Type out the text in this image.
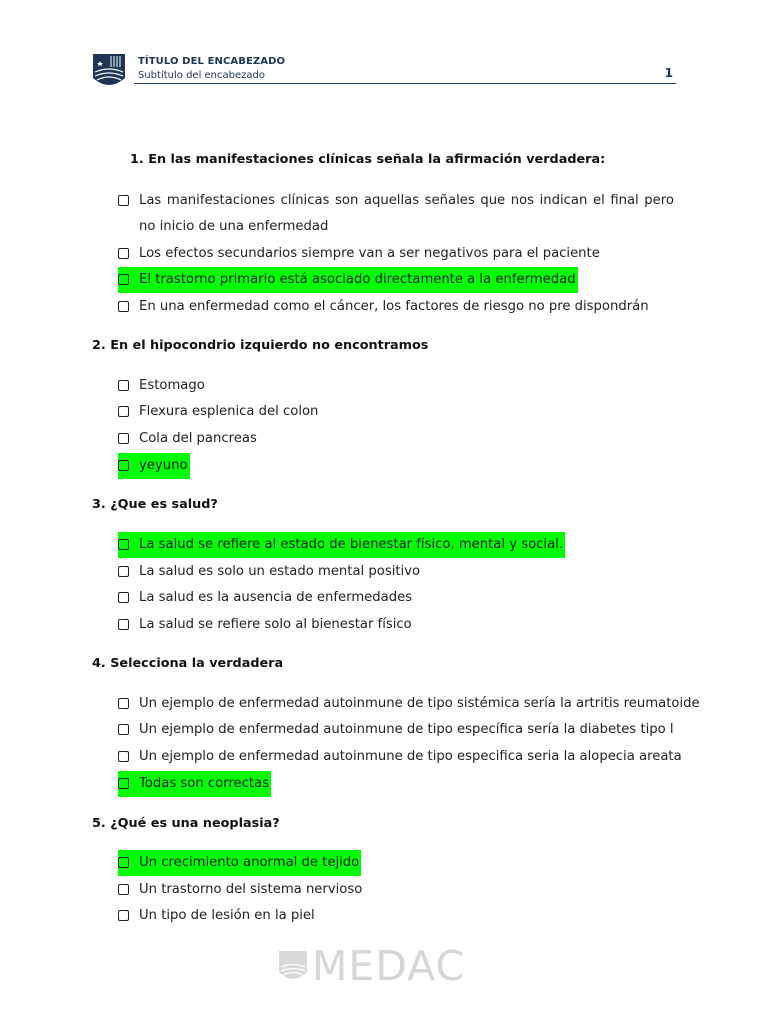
TÍTULO DEL ENCABEZADO
Subtítulo del encabezado	1
1. En las manifestaciones clínicas señala la afirmación verdadera:
Las manifestaciones clínicas son aquellas señales que nos indican el final pero no inicio de una enfermedad
Los efectos secundarios siempre van a ser negativos para el paciente
El trastorno primario está asociado directamente a la enfermedad
En una enfermedad como el cáncer, los factores de riesgo no pre dispondrán
2. En el hipocondrio izquierdo no encontramos
Estomago
Flexura esplenica del colon
Cola del pancreas
yeyuno
3. ¿Que es salud?
La salud se refiere al estado de bienestar físico, mental y social.
La salud es solo un estado mental positivo
La salud es la ausencia de enfermedades
La salud se refiere solo al bienestar físico
4. Selecciona la verdadera
Un ejemplo de enfermedad autoinmune de tipo sistémica sería la artritis reumatoide
Un ejemplo de enfermedad autoinmune de tipo específica sería la diabetes tipo l
Un ejemplo de enfermedad autoinmune de tipo especifica seria la alopecia areata
Todas son correctas
5. ¿Qué es una neoplasia?
Un crecimiento anormal de tejido
Un trastorno del sistema nervioso
Un tipo de lesión en la piel
MEDAC
